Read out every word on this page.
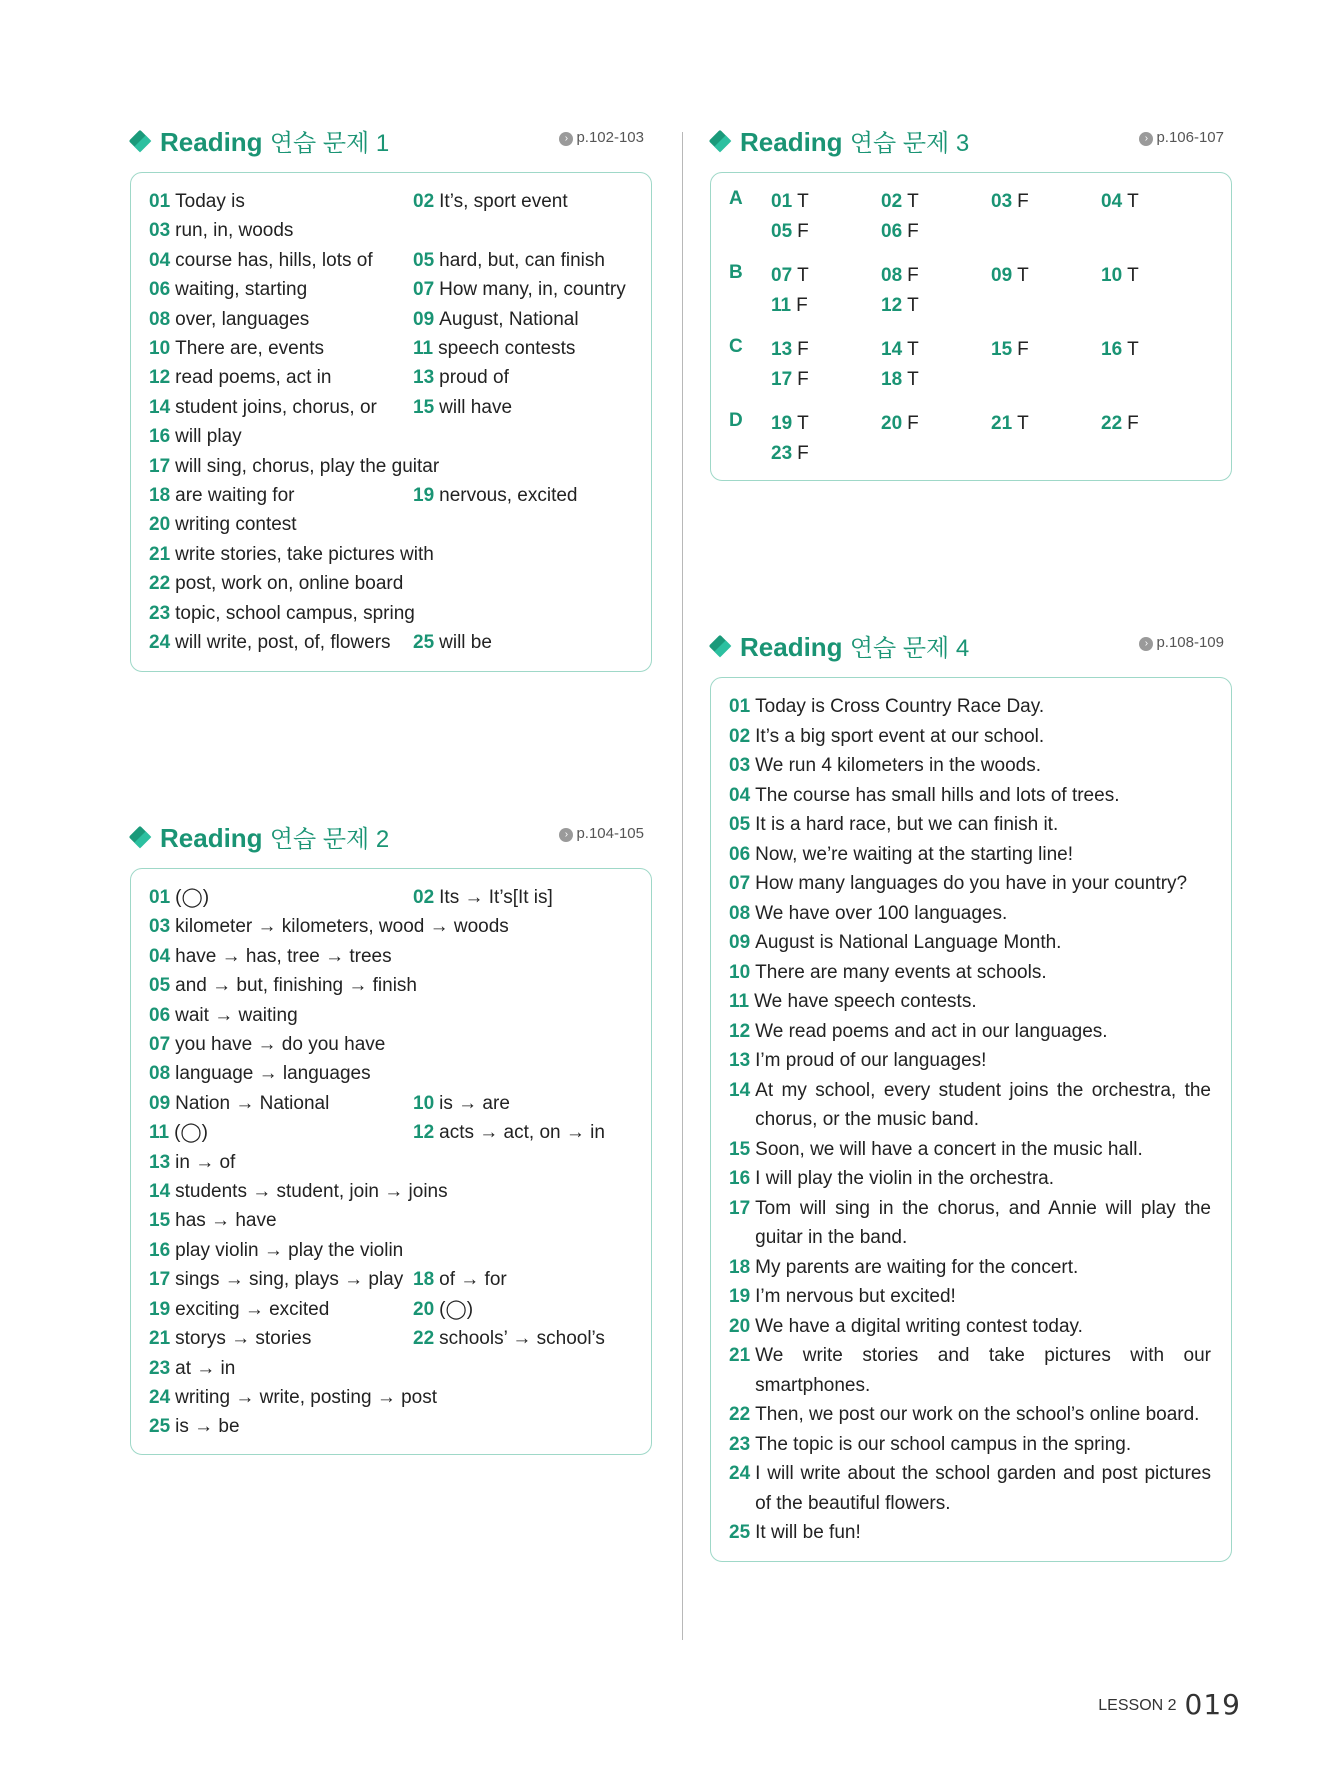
Reading 연습 문제 1	› p.102-103
01 Today is	02 It’s, sport event
03 run, in, woods
04 course has, hills, lots of	05 hard, but, can finish
06 waiting, starting	07 How many, in, country
08 over, languages	09 August, National
10 There are, events	11 speech contests
12 read poems, act in	13 proud of
14 student joins, chorus, or	15 will have
16 will play
17 will sing, chorus, play the guitar
18 are waiting for	19 nervous, excited
20 writing contest
21 write stories, take pictures with
22 post, work on, online board
23 topic, school campus, spring
24 will write, post, of, flowers	25 will be
Reading 연습 문제 2	› p.104-105
01 (◯)	02 Its → It’s[It is]
03 kilometer → kilometers, wood → woods
04 have → has, tree → trees
05 and → but, finishing → finish
06 wait → waiting
07 you have → do you have
08 language → languages
09 Nation → National	10 is → are
11 (◯)	12 acts → act, on → in
13 in → of
14 students → student, join → joins
15 has → have
16 play violin → play the violin
17 sings → sing, plays → play 18 of → for
19 exciting → excited	20 (◯)
21 storys → stories	22 schools’ → school’s
23 at → in
24 writing → write, posting → post
25 is → be
Reading 연습 문제 3	› p.106-107
A 01 T	02 T	03 F	04 T
05 F	06 F
B 07 T	08 F	09 T	10 T
11 F	12 T
C 13 F	14 T	15 F	16 T
17 F	18 T
D 19 T	20 F	21 T	22 F
23 F
Reading 연습 문제 4	› p.108-109
01 Today is Cross Country Race Day.
02 It’s a big sport event at our school.
03 We run 4 kilometers in the woods.
04 The course has small hills and lots of trees.
05 It is a hard race, but we can finish it.
06 Now, we’re waiting at the starting line!
07 How many languages do you have in your country?
08 We have over 100 languages.
09 August is National Language Month.
10 There are many events at schools.
11 We have speech contests.
12 We read poems and act in our languages.
13 I’m proud of our languages!
14 At my school, every student joins the orchestra, the chorus, or the music band.
15 Soon, we will have a concert in the music hall.
16 I will play the violin in the orchestra.
17 Tom will sing in the chorus, and Annie will play the guitar in the band.
18 My parents are waiting for the concert.
19 I’m nervous but excited!
20 We have a digital writing contest today.
21 We write stories and take pictures with our smartphones.
22 Then, we post our work on the school’s online board.
23 The topic is our school campus in the spring.
24 I will write about the school garden and post pictures of the beautiful flowers.
25 It will be fun!
LESSON 2 019
